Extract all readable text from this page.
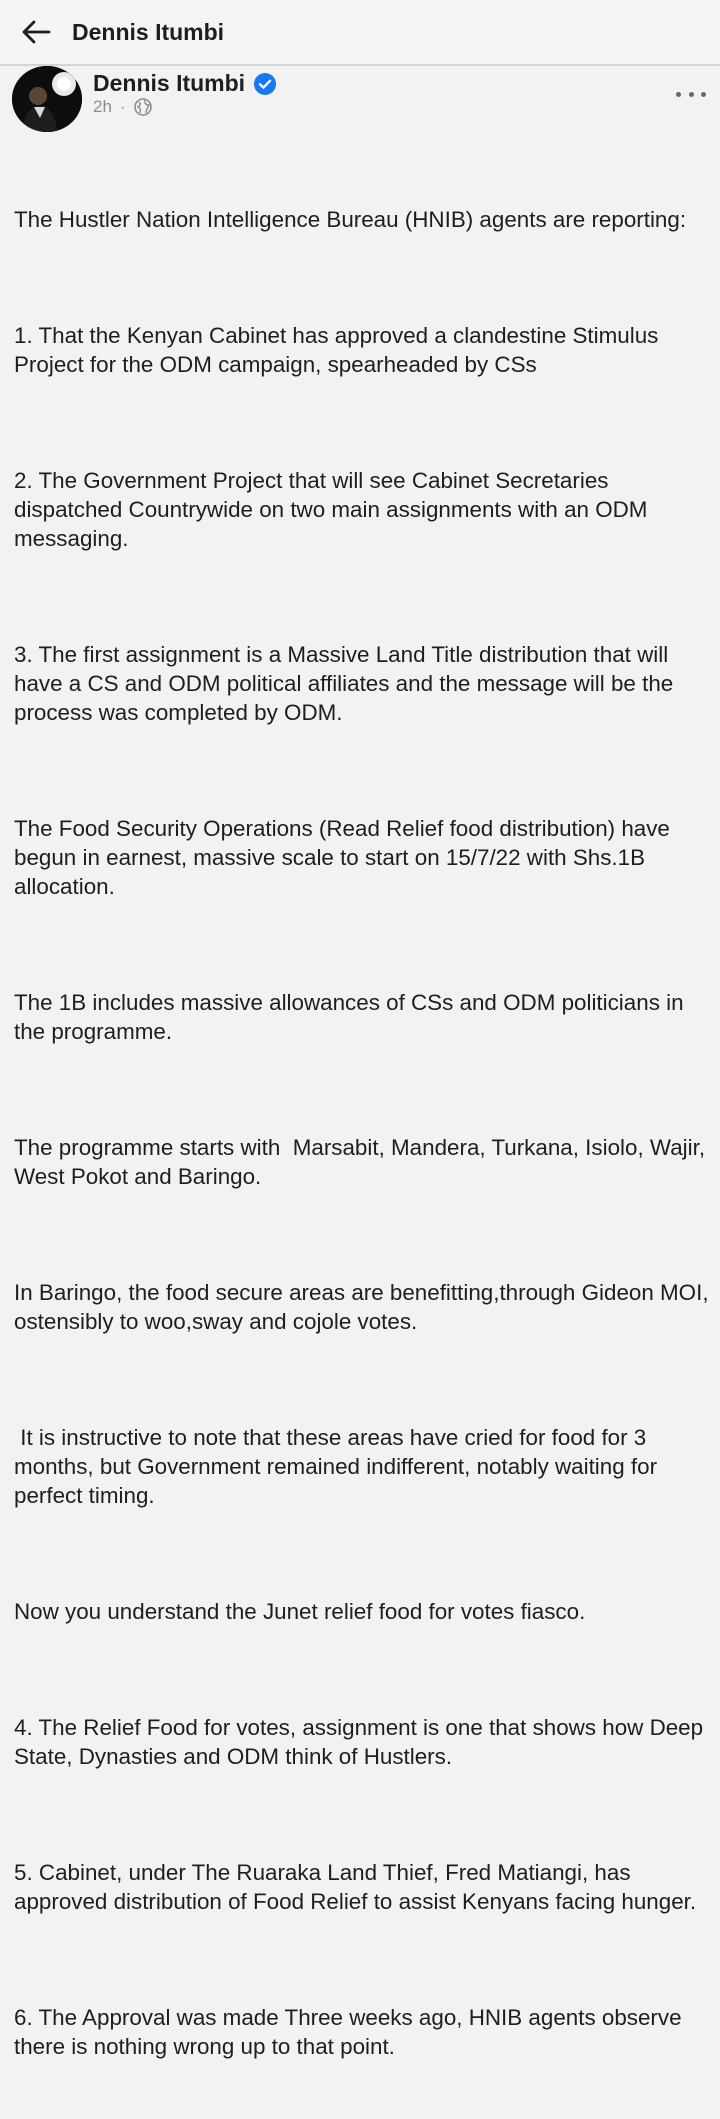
Dennis Itumbi
Dennis Itumbi
2h ·

The Hustler Nation Intelligence Bureau (HNIB) agents are reporting:

1. That the Kenyan Cabinet has approved a clandestine Stimulus Project for the ODM campaign, spearheaded by CSs

2. The Government Project that will see Cabinet Secretaries dispatched Countrywide on two main assignments with an ODM messaging.

3. The first assignment is a Massive Land Title distribution that will have a CS and ODM political affiliates and the message will be the process was completed by ODM.

The Food Security Operations (Read Relief food distribution) have begun in earnest, massive scale to start on 15/7/22 with Shs.1B allocation.

The 1B includes massive allowances of CSs and ODM politicians in the programme.

The programme starts with  Marsabit, Mandera, Turkana, Isiolo, Wajir, West Pokot and Baringo.

In Baringo, the food secure areas are benefitting,through Gideon MOI, ostensibly to woo,sway and cojole votes.

It is instructive to note that these areas have cried for food for 3 months, but Government remained indifferent, notably waiting for perfect timing.

Now you understand the Junet relief food for votes fiasco.

4. The Relief Food for votes, assignment is one that shows how Deep State, Dynasties and ODM think of Hustlers.

5. Cabinet, under The Ruaraka Land Thief, Fred Matiangi, has approved distribution of Food Relief to assist Kenyans facing hunger.

6. The Approval was made Three weeks ago, HNIB agents observe there is nothing wrong up to that point.
